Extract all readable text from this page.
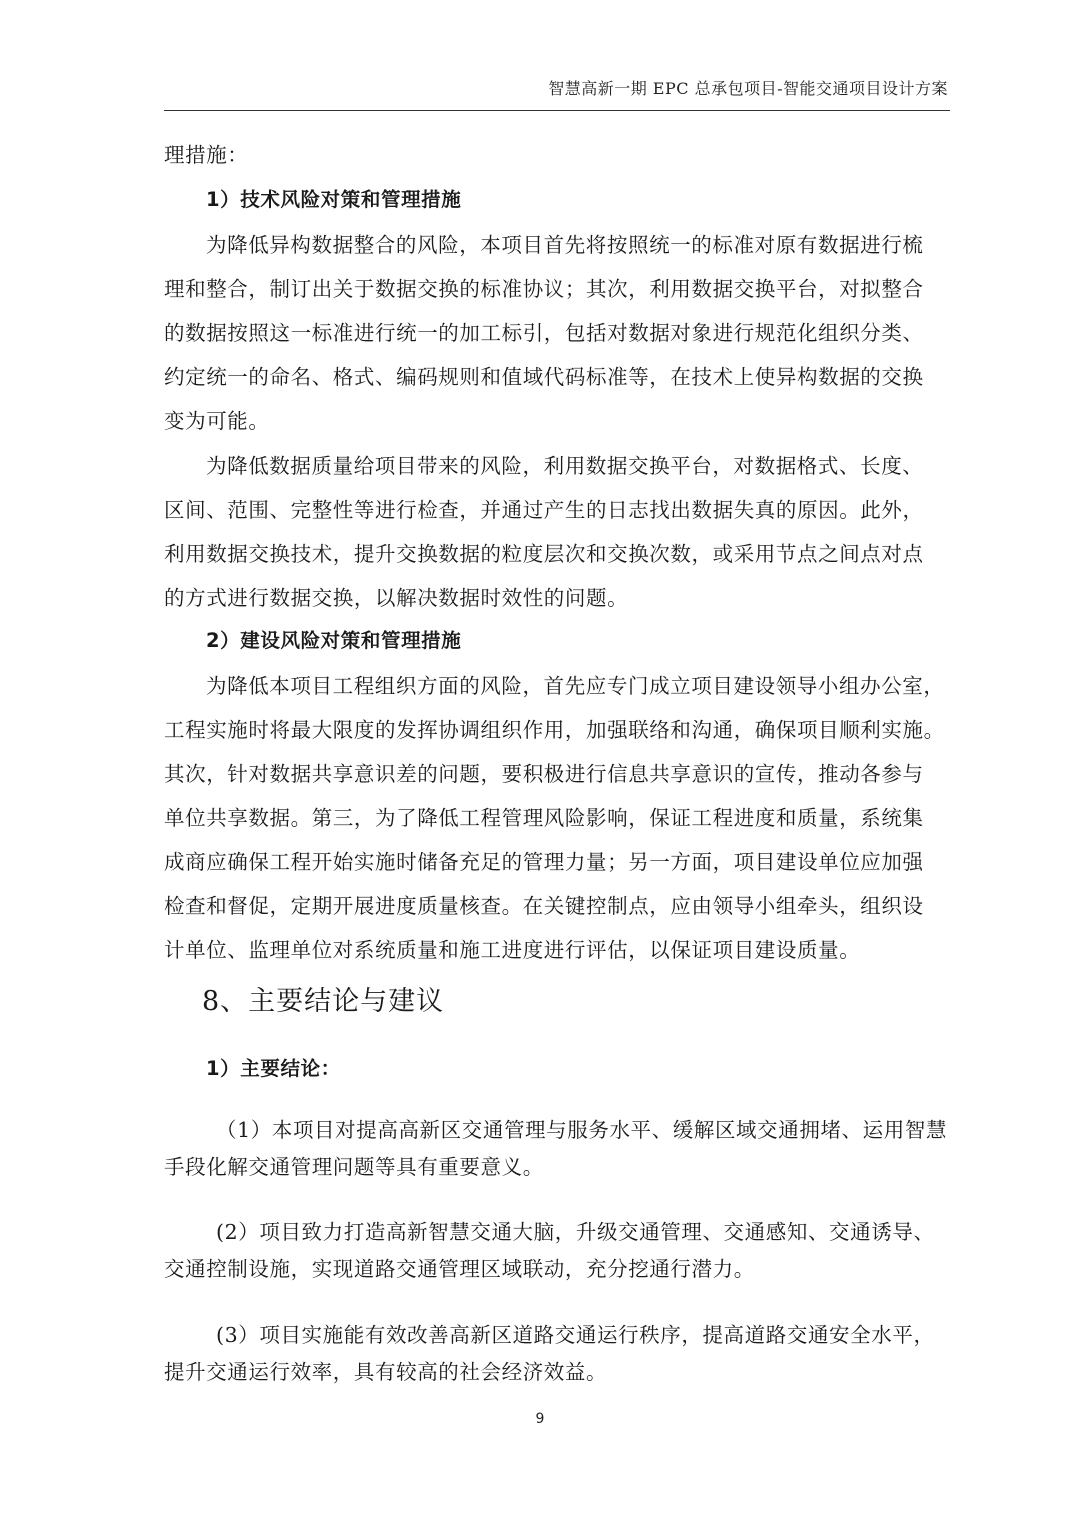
智慧高新一期 EPC 总承包项目-智能交通项目设计方案
理措施：
1）技术风险对策和管理措施
为降低异构数据整合的风险，本项目首先将按照统一的标准对原有数据进行梳
理和整合，制订出关于数据交换的标准协议；其次，利用数据交换平台，对拟整合
的数据按照这一标准进行统一的加工标引，包括对数据对象进行规范化组织分类、
约定统一的命名、格式、编码规则和值域代码标准等，在技术上使异构数据的交换
变为可能。
为降低数据质量给项目带来的风险，利用数据交换平台，对数据格式、长度、
区间、范围、完整性等进行检查，并通过产生的日志找出数据失真的原因。此外，
利用数据交换技术，提升交换数据的粒度层次和交换次数，或采用节点之间点对点
的方式进行数据交换，以解决数据时效性的问题。
2）建设风险对策和管理措施
为降低本项目工程组织方面的风险，首先应专门成立项目建设领导小组办公室，
工程实施时将最大限度的发挥协调组织作用，加强联络和沟通，确保项目顺利实施。
其次，针对数据共享意识差的问题，要积极进行信息共享意识的宣传，推动各参与
单位共享数据。第三，为了降低工程管理风险影响，保证工程进度和质量，系统集
成商应确保工程开始实施时储备充足的管理力量；另一方面，项目建设单位应加强
检查和督促，定期开展进度质量核查。在关键控制点，应由领导小组牵头，组织设
计单位、监理单位对系统质量和施工进度进行评估，以保证项目建设质量。
8、主要结论与建议
1）主要结论：
（1）本项目对提高高新区交通管理与服务水平、缓解区域交通拥堵、运用智慧
手段化解交通管理问题等具有重要意义。
(2）项目致力打造高新智慧交通大脑，升级交通管理、交通感知、交通诱导、
交通控制设施，实现道路交通管理区域联动，充分挖通行潜力。
(3）项目实施能有效改善高新区道路交通运行秩序，提高道路交通安全水平，
提升交通运行效率，具有较高的社会经济效益。
9
